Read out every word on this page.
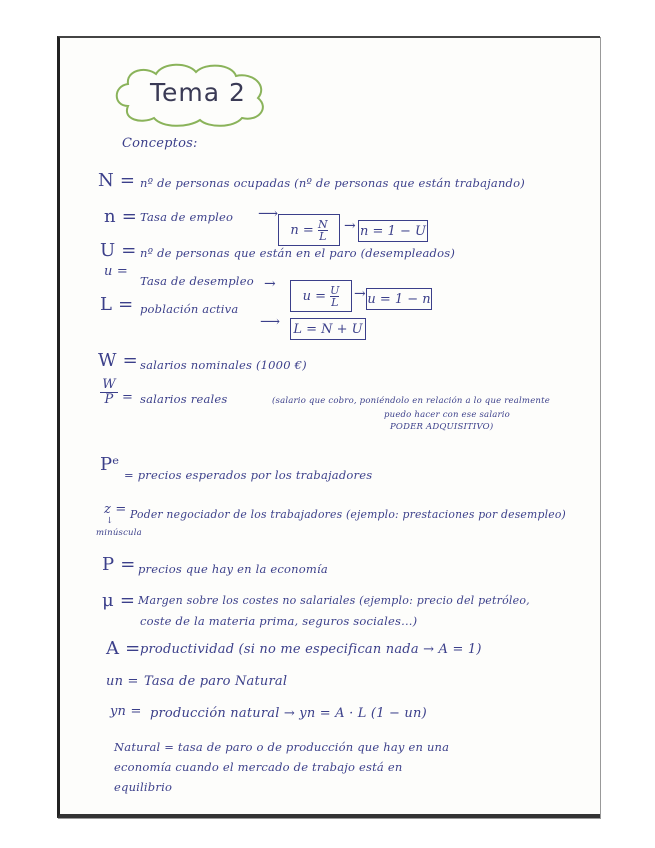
Tema 2
Conceptos:
N = nº de personas ocupadas (nº de personas que están trabajando)
n = Tasa de empleo ⟶
n =
$\frac{N}{L} \to n = 1 - U$
U = nº de personas que están en el paro (desempleados)
u =
Tasa de desempleo →
u =
$\frac{U}{L} \to u = 1 - n$
L = población activa
⟶ L = N + U
W = salarios nominales (1000 €)
W
P = salarios reales	(salario que cobro, poniéndolo en relación a lo que realmente
puedo hacer con ese salario
PODER ADQUISITIVO)
Pᵉ = precios esperados por los trabajadores
z =
↓
minúscula
Poder negociador de los trabajadores (ejemplo: prestaciones por desempleo)
P = precios que hay en la economía
μ = Margen sobre los costes no salariales (ejemplo: precio del petróleo,
coste de la materia prima, seguros sociales...)
A = productividad (si no me especifican nada → A = 1)
un = Tasa de paro Natural
yn = producción natural → yn = A · L (1 − un)
Natural = tasa de paro o de producción que hay en una
economía cuando el mercado de trabajo está en
equilibrio
